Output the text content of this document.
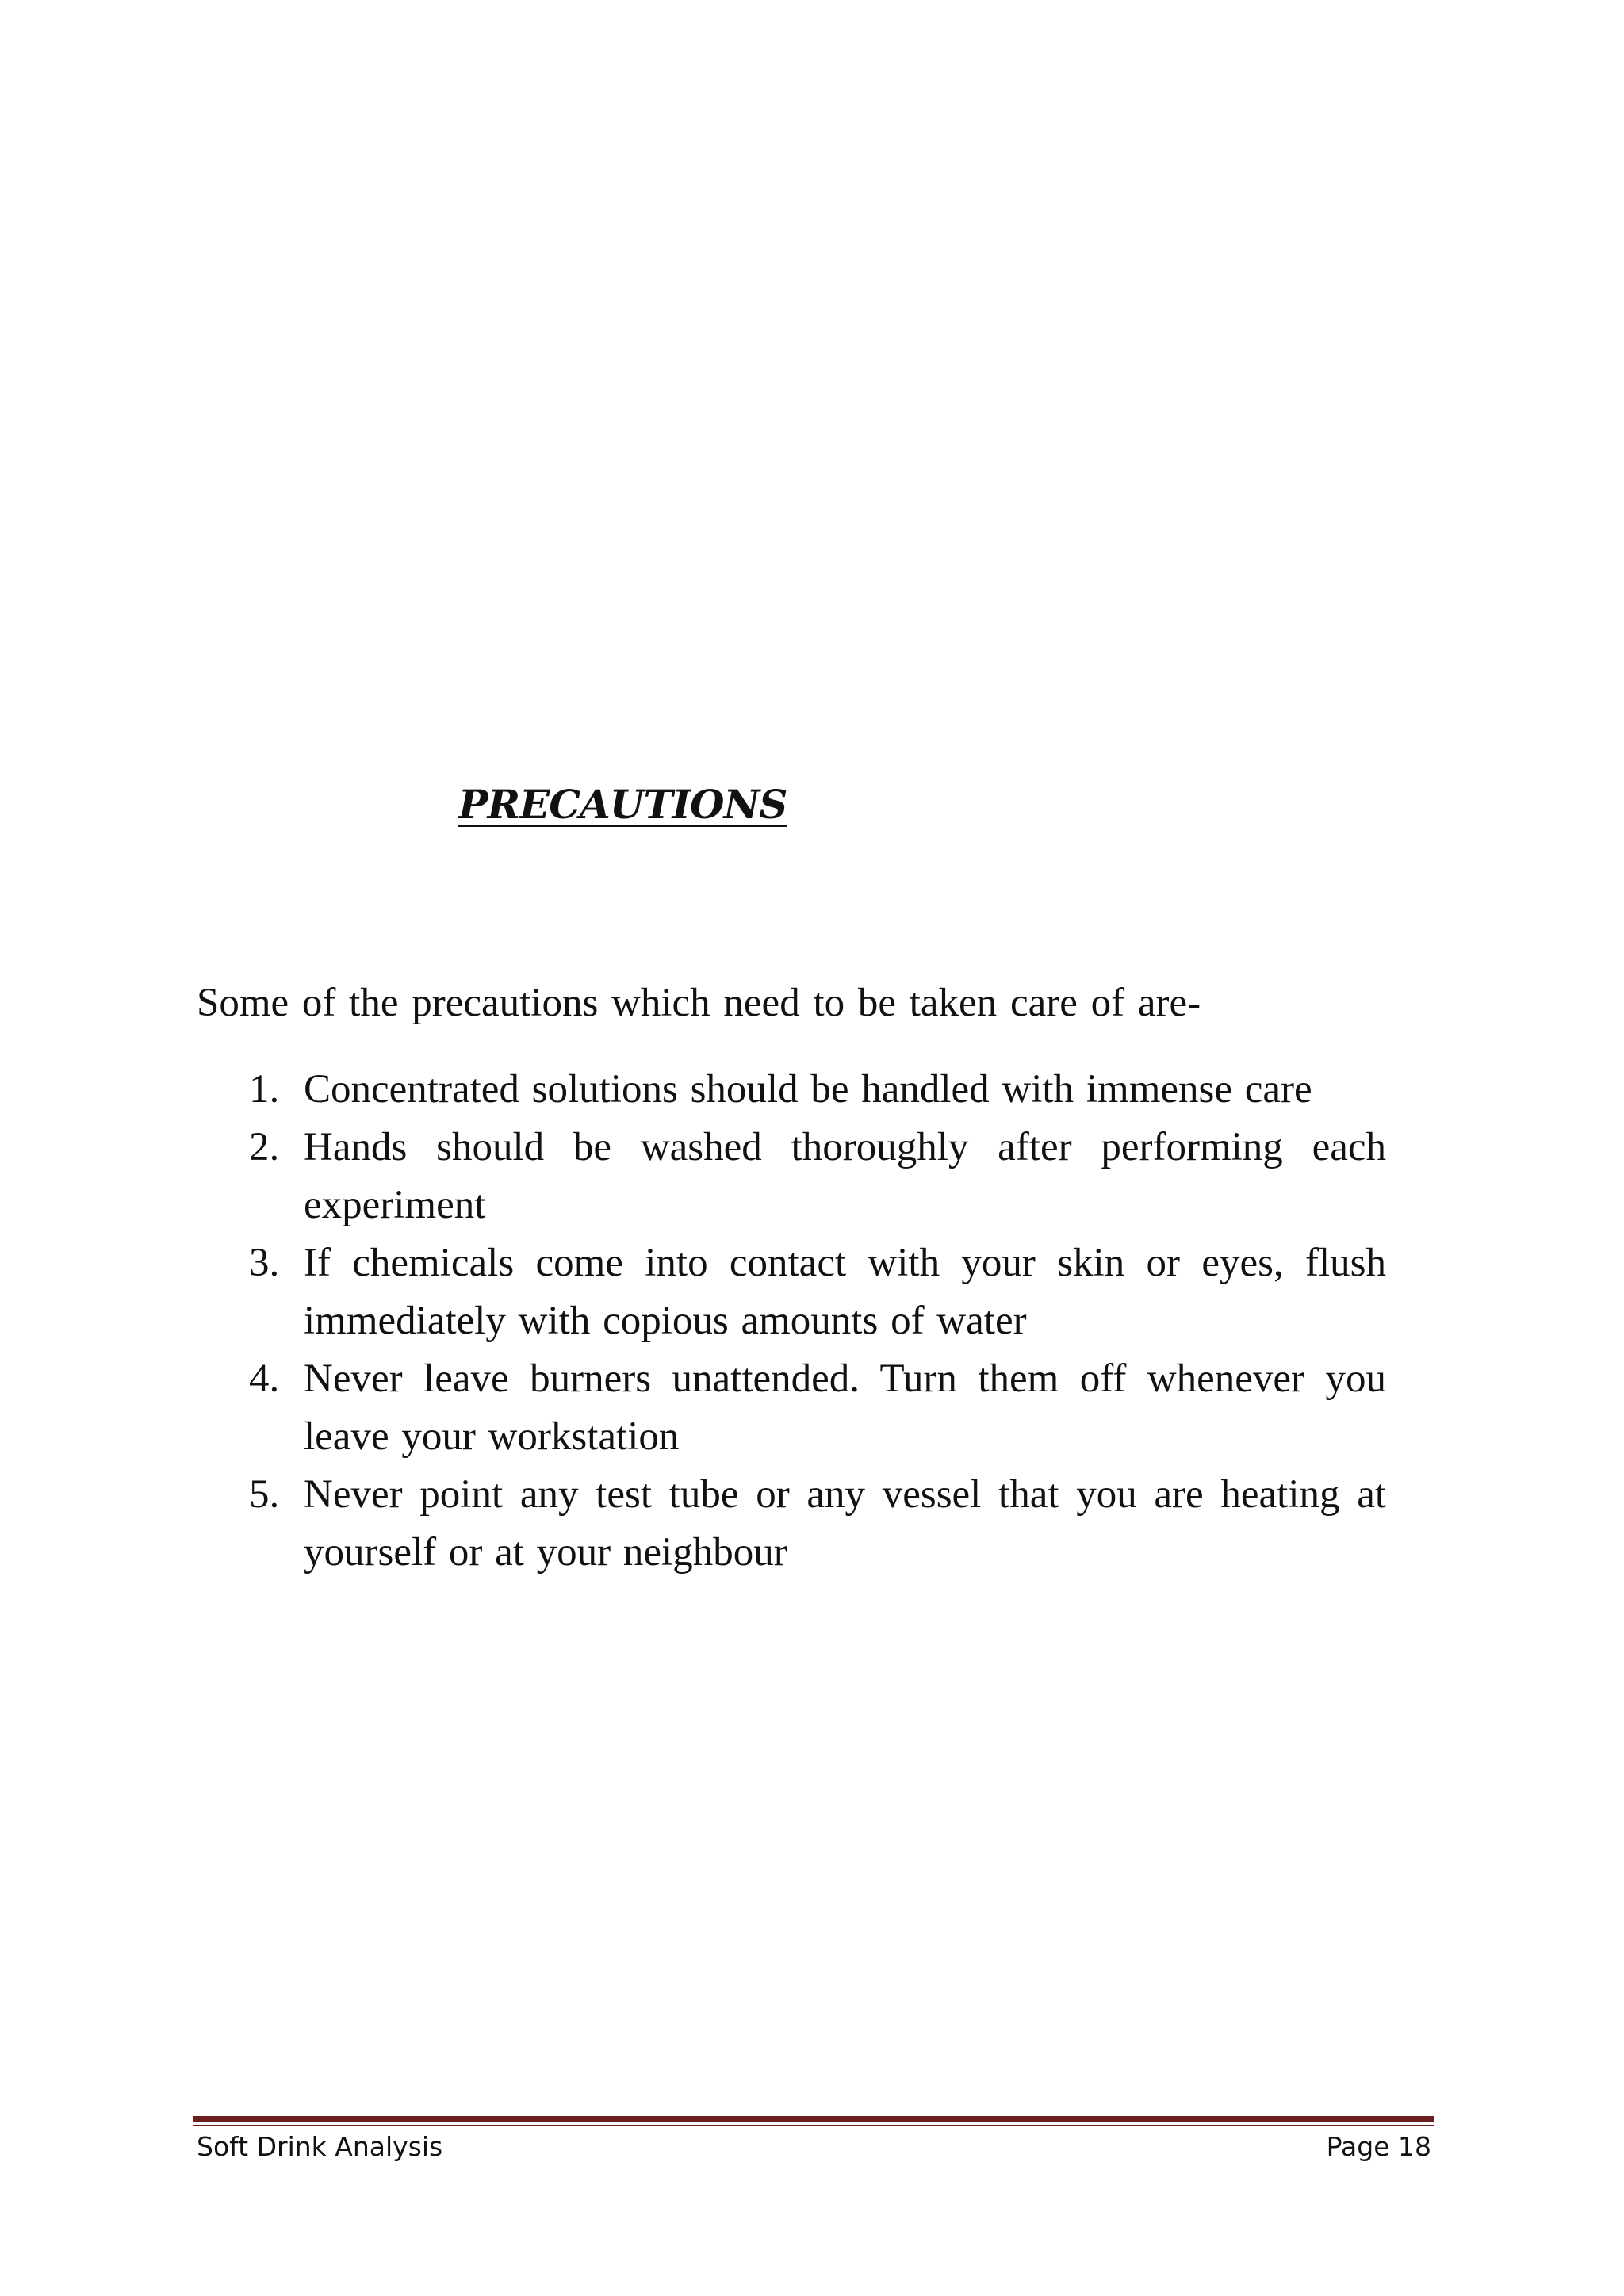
PRECAUTIONS

Some of the precautions which need to be taken care of are-

1. Concentrated solutions should be handled with immense care
2. Hands should be washed thoroughly after performing each experiment
3. If chemicals come into contact with your skin or eyes, flush immediately with copious amounts of water
4. Never leave burners unattended. Turn them off whenever you leave your workstation
5. Never point any test tube or any vessel that you are heating at yourself or at your neighbour
Soft Drink Analysis	Page 18
